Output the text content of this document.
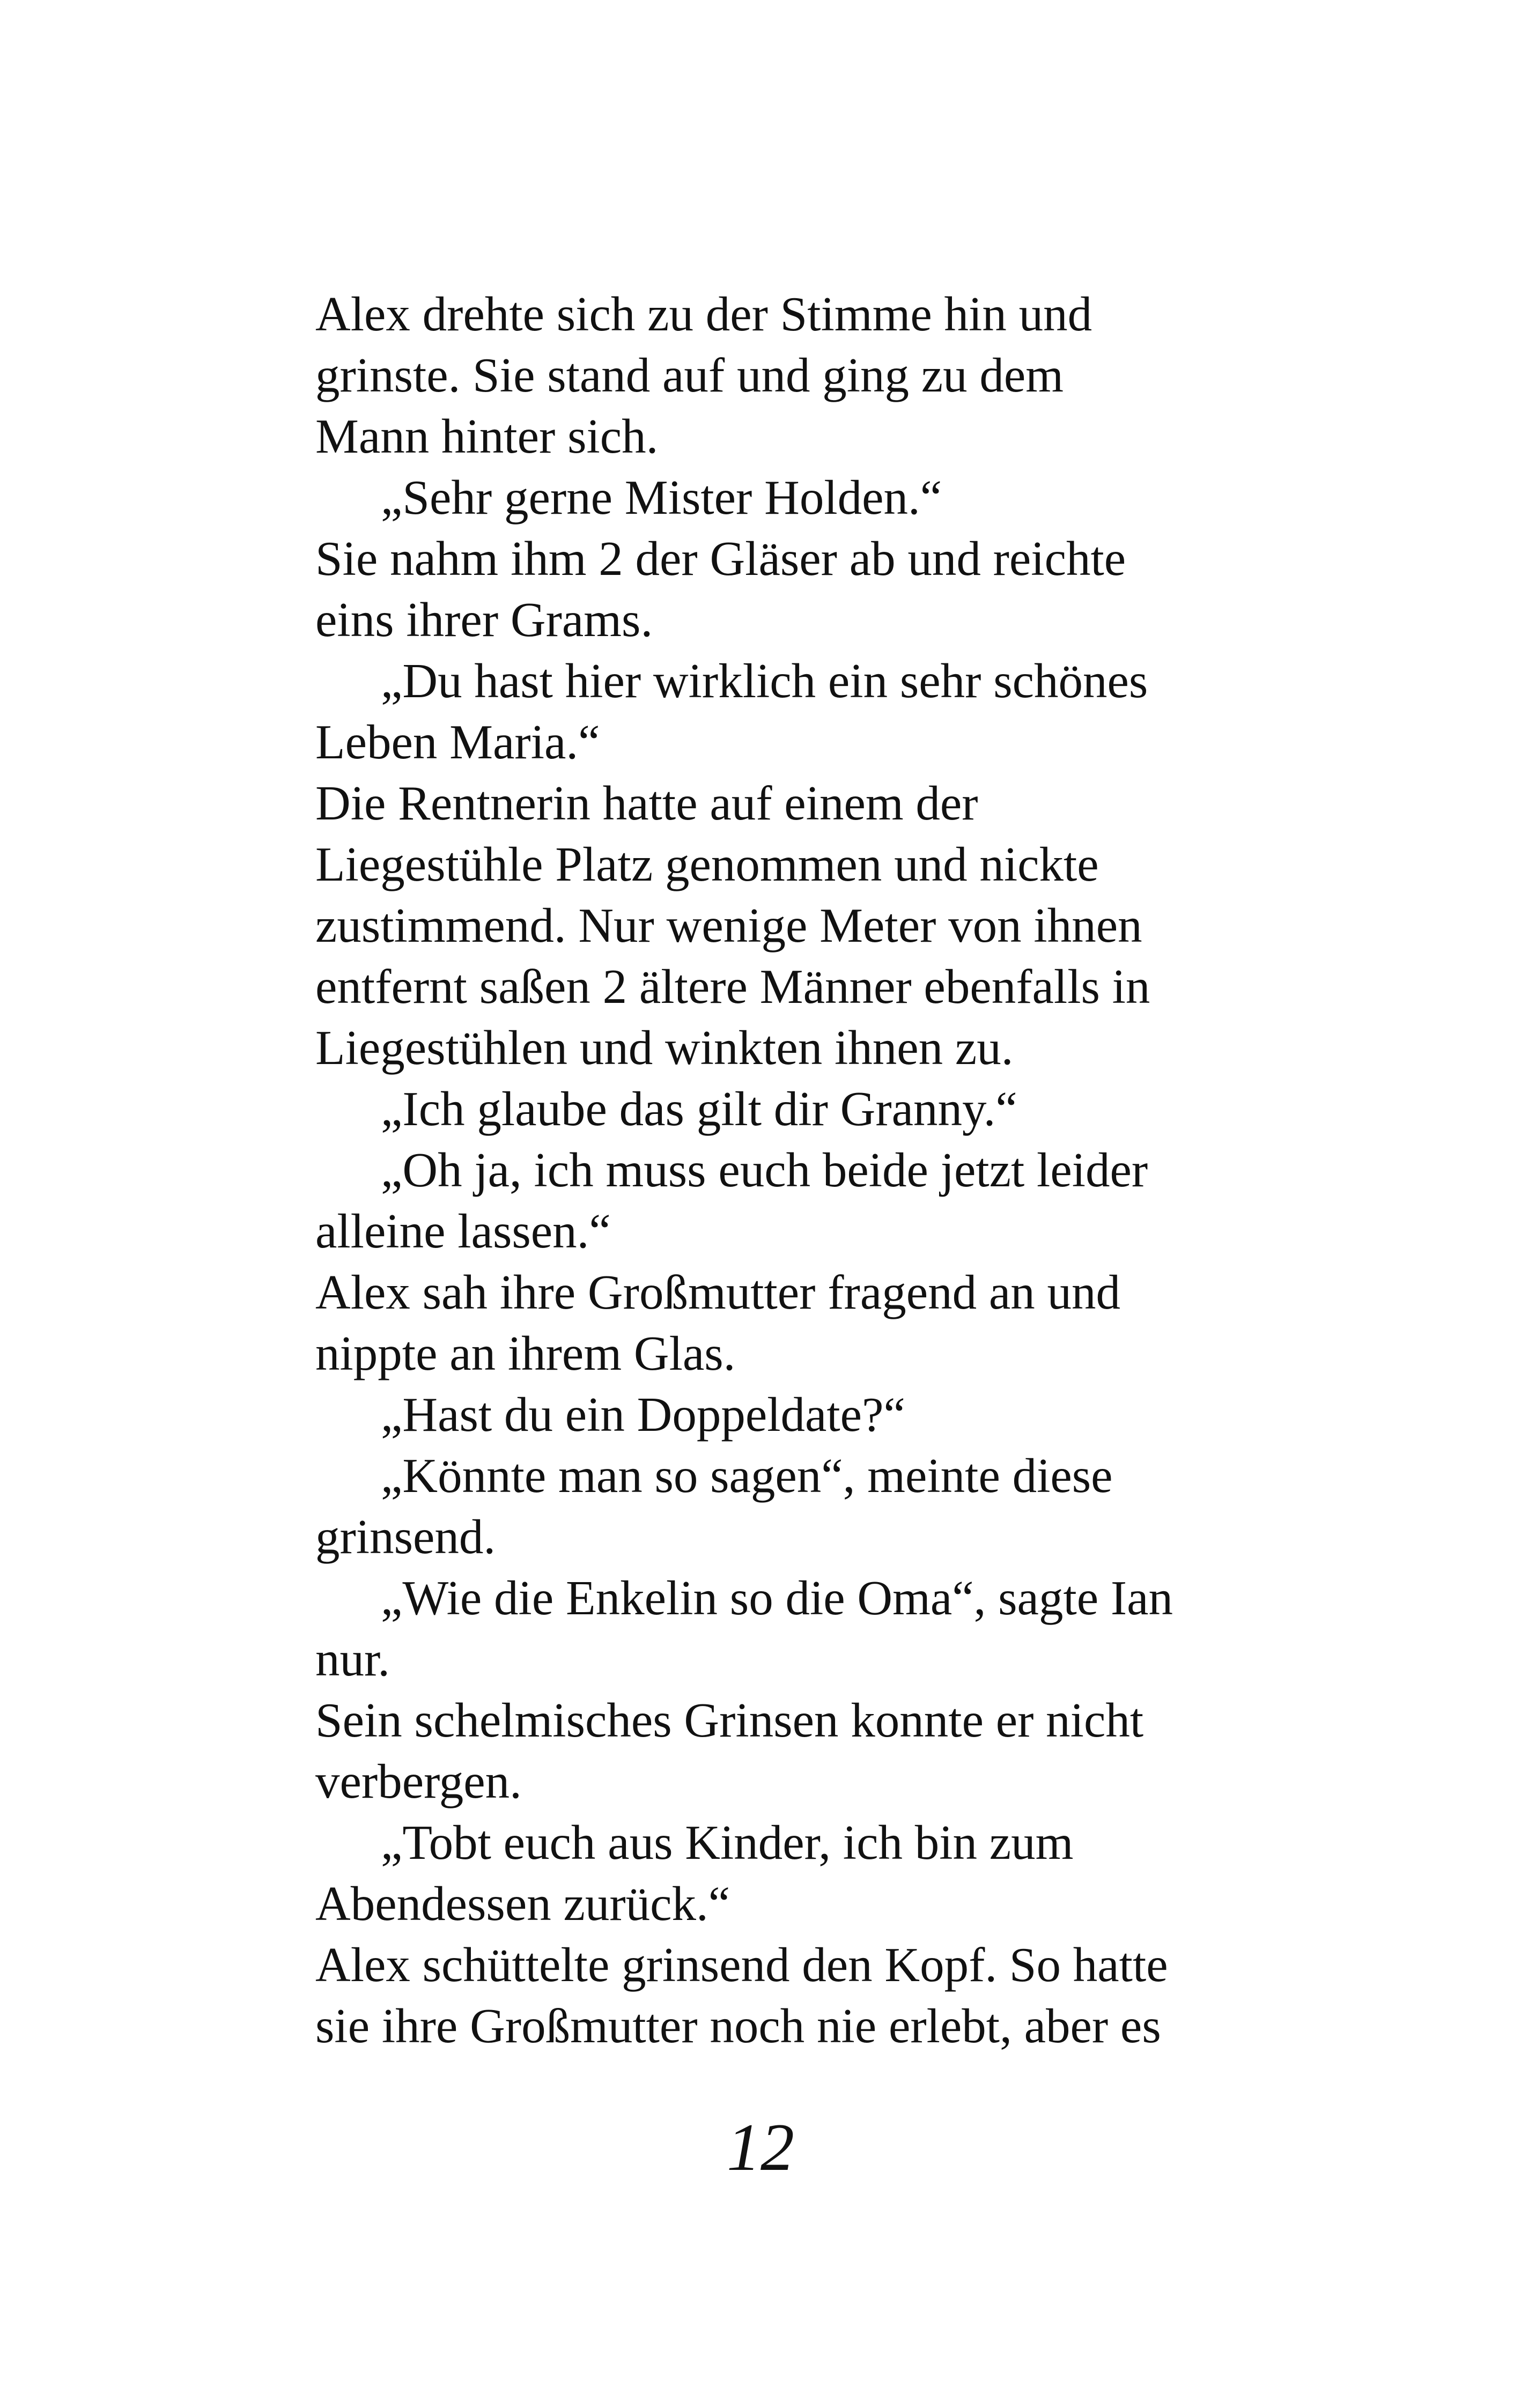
Alex drehte sich zu der Stimme hin und
grinste. Sie stand auf und ging zu dem
Mann hinter sich.
„Sehr gerne Mister Holden.“
Sie nahm ihm 2 der Gläser ab und reichte
eins ihrer Grams.
„Du hast hier wirklich ein sehr schönes
Leben Maria.“
Die Rentnerin hatte auf einem der
Liegestühle Platz genommen und nickte
zustimmend. Nur wenige Meter von ihnen
entfernt saßen 2 ältere Männer ebenfalls in
Liegestühlen und winkten ihnen zu.
„Ich glaube das gilt dir Granny.“
„Oh ja, ich muss euch beide jetzt leider
alleine lassen.“
Alex sah ihre Großmutter fragend an und
nippte an ihrem Glas.
„Hast du ein Doppeldate?“
„Könnte man so sagen“, meinte diese
grinsend.
„Wie die Enkelin so die Oma“, sagte Ian
nur.
Sein schelmisches Grinsen konnte er nicht
verbergen.
„Tobt euch aus Kinder, ich bin zum
Abendessen zurück.“
Alex schüttelte grinsend den Kopf. So hatte
sie ihre Großmutter noch nie erlebt, aber es
12
